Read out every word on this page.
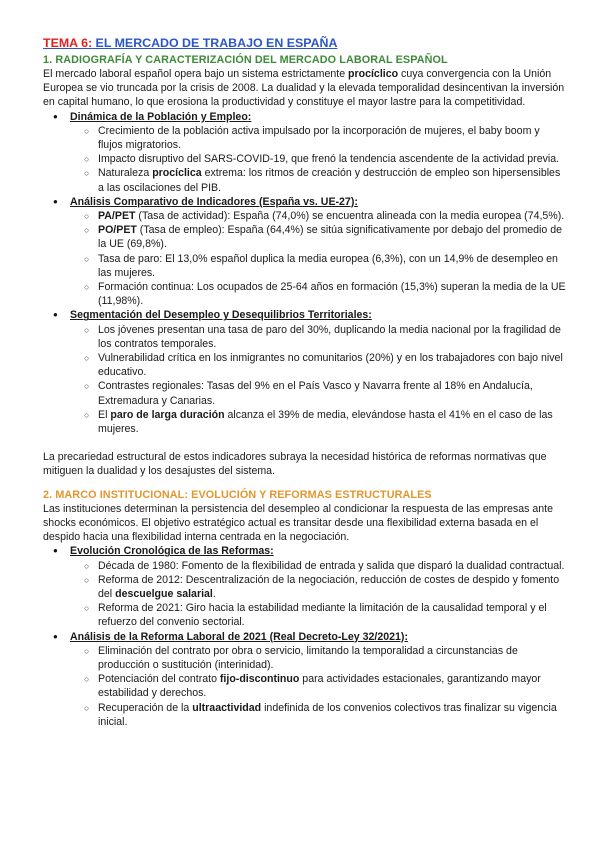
TEMA 6: EL MERCADO DE TRABAJO EN ESPAÑA
1. RADIOGRAFÍA Y CARACTERIZACIÓN DEL MERCADO LABORAL ESPAÑOL

El mercado laboral español opera bajo un sistema estrictamente procíclico cuya convergencia con la Unión Europea se vio truncada por la crisis de 2008. La dualidad y la elevada temporalidad desincentivan la inversión en capital humano, lo que erosiona la productividad y constituye el mayor lastre para la competitividad.

● Dinámica de la Población y Empleo:
○ Crecimiento de la población activa impulsado por la incorporación de mujeres, el baby boom y flujos migratorios.
○ Impacto disruptivo del SARS-COVID-19, que frenó la tendencia ascendente de la actividad previa.
○ Naturaleza procíclica extrema: los ritmos de creación y destrucción de empleo son hipersensibles a las oscilaciones del PIB.
● Análisis Comparativo de Indicadores (España vs. UE-27):
○ PA/PET (Tasa de actividad): España (74,0%) se encuentra alineada con la media europea (74,5%).
○ PO/PET (Tasa de empleo): España (64,4%) se sitúa significativamente por debajo del promedio de la UE (69,8%).
○ Tasa de paro: El 13,0% español duplica la media europea (6,3%), con un 14,9% de desempleo en las mujeres.
○ Formación continua: Los ocupados de 25-64 años en formación (15,3%) superan la media de la UE (11,98%).
● Segmentación del Desempleo y Desequilibrios Territoriales:
○ Los jóvenes presentan una tasa de paro del 30%, duplicando la media nacional por la fragilidad de los contratos temporales.
○ Vulnerabilidad crítica en los inmigrantes no comunitarios (20%) y en los trabajadores con bajo nivel educativo.
○ Contrastes regionales: Tasas del 9% en el País Vasco y Navarra frente al 18% en Andalucía, Extremadura y Canarias.
○ El paro de larga duración alcanza el 39% de media, elevándose hasta el 41% en el caso de las mujeres.

La precariedad estructural de estos indicadores subraya la necesidad histórica de reformas normativas que mitiguen la dualidad y los desajustes del sistema.

2. MARCO INSTITUCIONAL: EVOLUCIÓN Y REFORMAS ESTRUCTURALES

Las instituciones determinan la persistencia del desempleo al condicionar la respuesta de las empresas ante shocks económicos. El objetivo estratégico actual es transitar desde una flexibilidad externa basada en el despido hacia una flexibilidad interna centrada en la negociación.

● Evolución Cronológica de las Reformas:
○ Década de 1980: Fomento de la flexibilidad de entrada y salida que disparó la dualidad contractual.
○ Reforma de 2012: Descentralización de la negociación, reducción de costes de despido y fomento del descuelgue salarial.
○ Reforma de 2021: Giro hacia la estabilidad mediante la limitación de la causalidad temporal y el refuerzo del convenio sectorial.
● Análisis de la Reforma Laboral de 2021 (Real Decreto-Ley 32/2021):
○ Eliminación del contrato por obra o servicio, limitando la temporalidad a circunstancias de producción o sustitución (interinidad).
○ Potenciación del contrato fijo-discontinuo para actividades estacionales, garantizando mayor estabilidad y derechos.
○ Recuperación de la ultraactividad indefinida de los convenios colectivos tras finalizar su vigencia inicial.
